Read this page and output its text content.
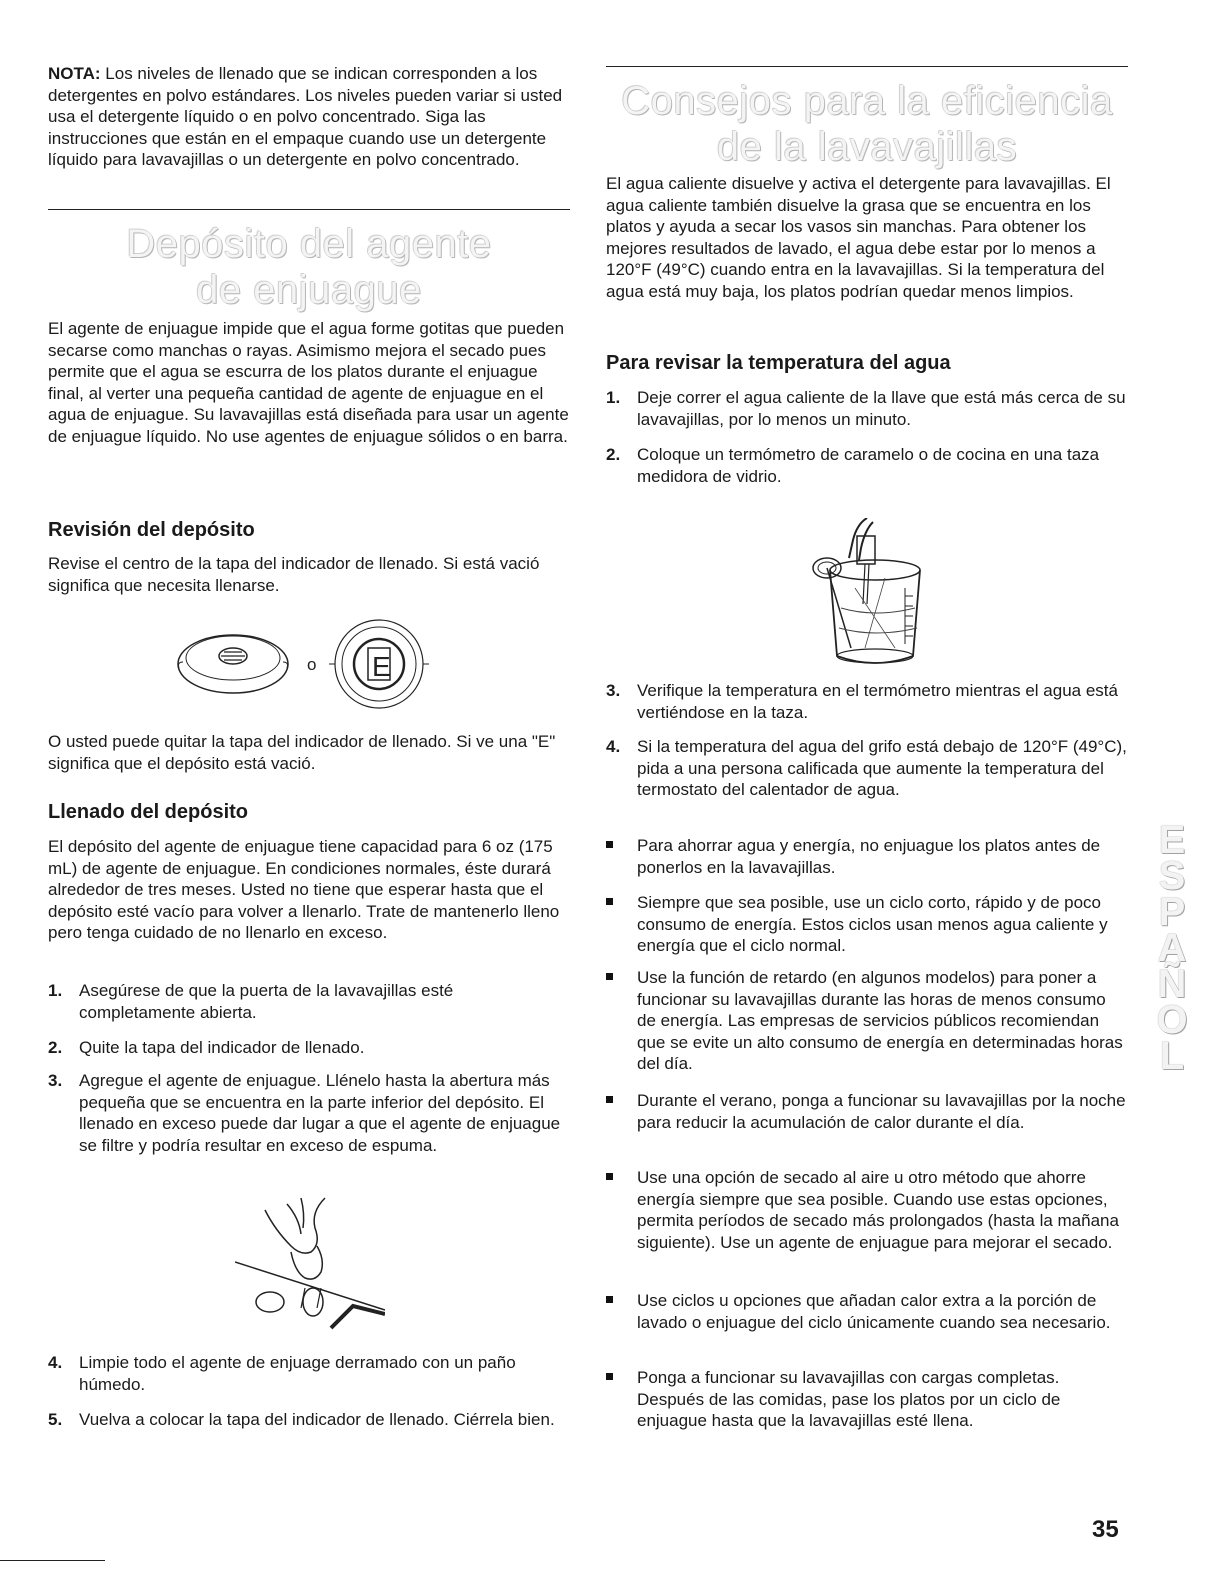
NOTA: Los niveles de llenado que se indican corresponden a los detergentes en polvo estándares. Los niveles pueden variar si usted usa el detergente líquido o en polvo concentrado. Siga las instrucciones que están en el empaque cuando use un detergente líquido para lavavajillas o un detergente en polvo concentrado.

Depósito del agente
de enjuague

El agente de enjuague impide que el agua forme gotitas que pueden secarse como manchas o rayas. Asimismo mejora el secado pues permite que el agua se escurra de los platos durante el enjuague final, al verter una pequeña cantidad de agente de enjuague en el agua de enjuague. Su lavavajillas está diseñada para usar un agente de enjuague líquido. No use agentes de enjuague sólidos o en barra.

Revisión del depósito

Revise el centro de la tapa del indicador de llenado. Si está vació significa que necesita llenarse.

o E

O usted puede quitar la tapa del indicador de llenado. Si ve una "E" significa que el depósito está vació.

Llenado del depósito

El depósito del agente de enjuague tiene capacidad para 6 oz (175 mL) de agente de enjuague. En condiciones normales, éste durará alrededor de tres meses. Usted no tiene que esperar hasta que el depósito esté vacío para volver a llenarlo. Trate de mantenerlo lleno pero tenga cuidado de no llenarlo en exceso.

1. Asegúrese de que la puerta de la lavavajillas esté completamente abierta.
2. Quite la tapa del indicador de llenado.
3. Agregue el agente de enjuague. Llénelo hasta la abertura más pequeña que se encuentra en la parte inferior del depósito. El llenado en exceso puede dar lugar a que el agente de enjuague se filtre y podría resultar en exceso de espuma.
4. Limpie todo el agente de enjuage derramado con un paño húmedo.
5. Vuelva a colocar la tapa del indicador de llenado. Ciérrela bien.
Consejos para la eficiencia
de la lavavajillas

El agua caliente disuelve y activa el detergente para lavavajillas. El agua caliente también disuelve la grasa que se encuentra en los platos y ayuda a secar los vasos sin manchas. Para obtener los mejores resultados de lavado, el agua debe estar por lo menos a 120°F (49°C) cuando entra en la lavavajillas. Si la temperatura del agua está muy baja, los platos podrían quedar menos limpios.

Para revisar la temperatura del agua
1. Deje correr el agua caliente de la llave que está más cerca de su lavavajillas, por lo menos un minuto.
2. Coloque un termómetro de caramelo o de cocina en una taza medidora de vidrio.
3. Verifique la temperatura en el termómetro mientras el agua está vertiéndose en la taza.
4. Si la temperatura del agua del grifo está debajo de 120°F (49°C), pida a una persona calificada que aumente la temperatura del termostato del calentador de agua.
Para ahorrar agua y energía, no enjuague los platos antes de ponerlos en la lavavajillas.
Siempre que sea posible, use un ciclo corto, rápido y de poco consumo de energía. Estos ciclos usan menos agua caliente y energía que el ciclo normal.
Use la función de retardo (en algunos modelos) para poner a funcionar su lavavajillas durante las horas de menos consumo de energía. Las empresas de servicios públicos recomiendan que se evite un alto consumo de energía en determinadas horas del día.
Durante el verano, ponga a funcionar su lavavajillas por la noche para reducir la acumulación de calor durante el día.
Use una opción de secado al aire u otro método que ahorre energía siempre que sea posible. Cuando use estas opciones, permita períodos de secado más prolongados (hasta la mañana siguiente). Use un agente de enjuague para mejorar el secado.
Use ciclos u opciones que añadan calor extra a la porción de lavado o enjuague del ciclo únicamente cuando sea necesario.
Ponga a funcionar su lavavajillas con cargas completas. Después de las comidas, pase los platos por un ciclo de enjuague hasta que la lavavajillas esté llena.
ESPAÑOL
35
